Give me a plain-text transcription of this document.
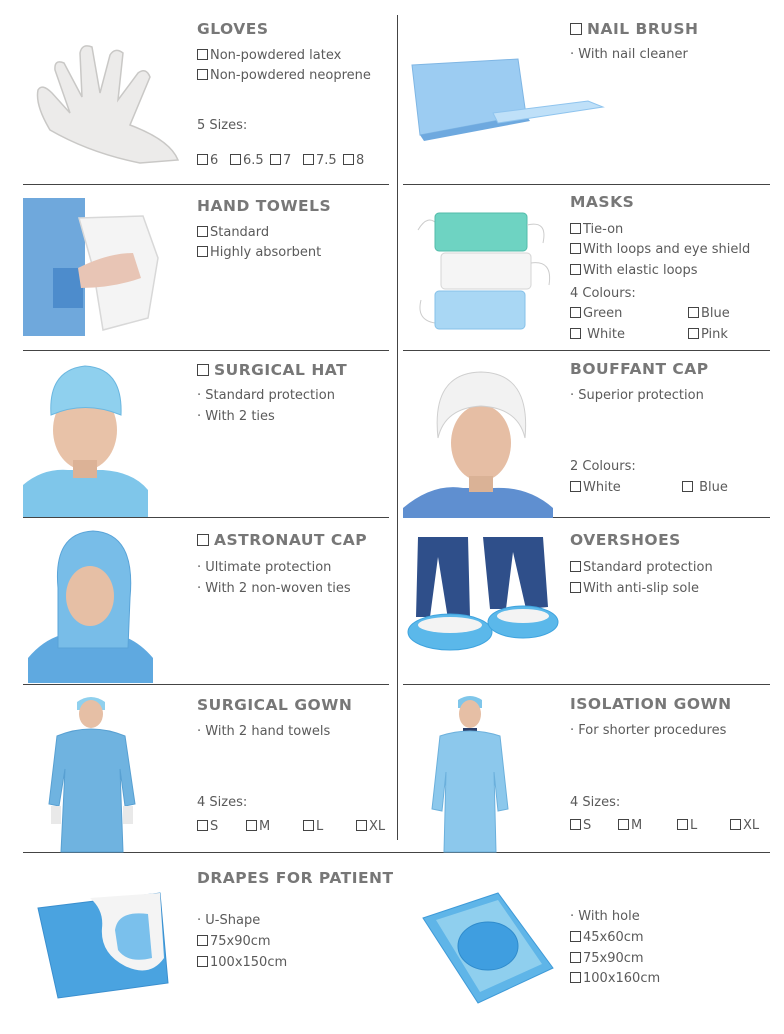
GLOVES
Non-powdered latex
Non-powdered neoprene
5 Sizes:
6	6.5	7	7.5	8
NAIL BRUSH
· With nail cleaner
HAND TOWELS
Standard
Highly absorbent
MASKS
Tie-on
With loops and eye shield
With elastic loops
4 Colours:
Green	Blue
White	Pink
SURGICAL HAT
· Standard protection
· With 2 ties
BOUFFANT CAP
· Superior protection
2 Colours:
White	Blue
ASTRONAUT CAP
· Ultimate protection
· With 2 non-woven ties
OVERSHOES
Standard protection
With anti-slip sole
SURGICAL GOWN
· With 2 hand towels
4 Sizes:
S	M	L	XL
ISOLATION GOWN
· For shorter procedures
4 Sizes:
S	M	L	XL
DRAPES FOR PATIENT
· U-Shape
75x90cm
100x150cm
· With hole
45x60cm
75x90cm
100x160cm
